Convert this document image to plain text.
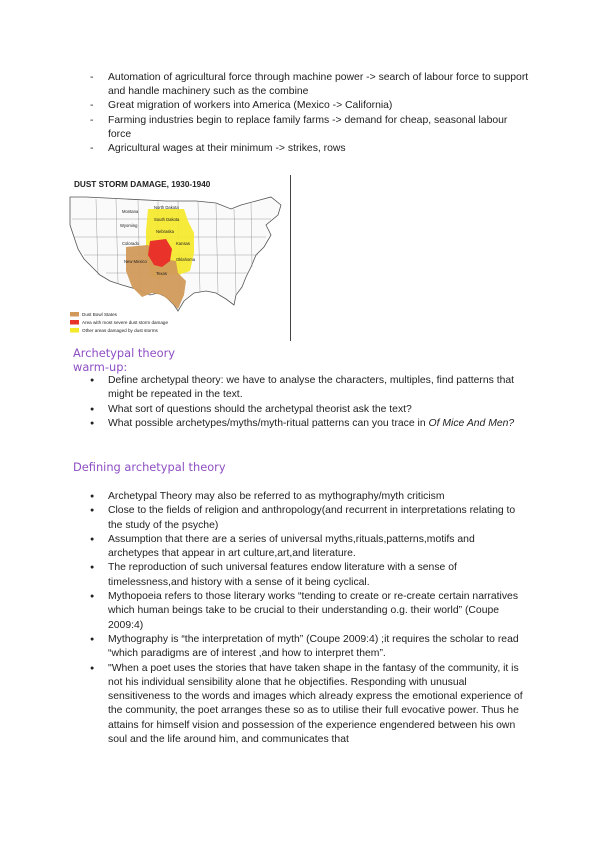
- Automation of agricultural force through machine power -> search of labour force to support and handle machinery such as the combine
- Great migration of workers into America (Mexico -> California)
- Farming industries begin to replace family farms -> demand for cheap, seasonal labour force
- Agricultural wages at their minimum -> strikes, rows
DUST STORM DAMAGE, 1930-1940
Montana
North Dakota
South Dakota
Wyoming
Nebraska
Colorado	Kansas
New Mexico	Oklahoma
Texas
Dust Bowl States
Area with most severe dust storm damage
Other areas damaged by dust storms
Archetypal theory
warm-up:
● Define archetypal theory: we have to analyse the characters, multiples, find patterns that might be repeated in the text.
● What sort of questions should the archetypal theorist ask the text?
● What possible archetypes/myths/myth-ritual patterns can you trace in Of Mice And Men?
Defining archetypal theory
● Archetypal Theory may also be referred to as mythography/myth criticism
● Close to the fields of religion and anthropology(and recurrent in interpretations relating to the study of the psyche)
● Assumption that there are a series of universal myths,rituals,patterns,motifs and archetypes that appear in art culture,art,and literature.
● The reproduction of such universal features endow literature with a sense of timelessness,and history with a sense of it being cyclical.
● Mythopoeia refers to those literary works “tending to create or re-create certain narratives which human beings take to be crucial to their understanding o.g. their world” (Coupe 2009:4)
● Mythography is “the interpretation of myth” (Coupe 2009:4) ;it requires the scholar to read “which paradigms are of interest ,and how to interpret them”.
● "When a poet uses the stories that have taken shape in the fantasy of the community, it is not his individual sensibility alone that he objectifies. Responding with unusual sensitiveness to the words and images which already express the emotional experience of the community, the poet arranges these so as to utilise their full evocative power. Thus he attains for himself vision and possession of the experience engendered between his own soul and the life around him, and communicates that
